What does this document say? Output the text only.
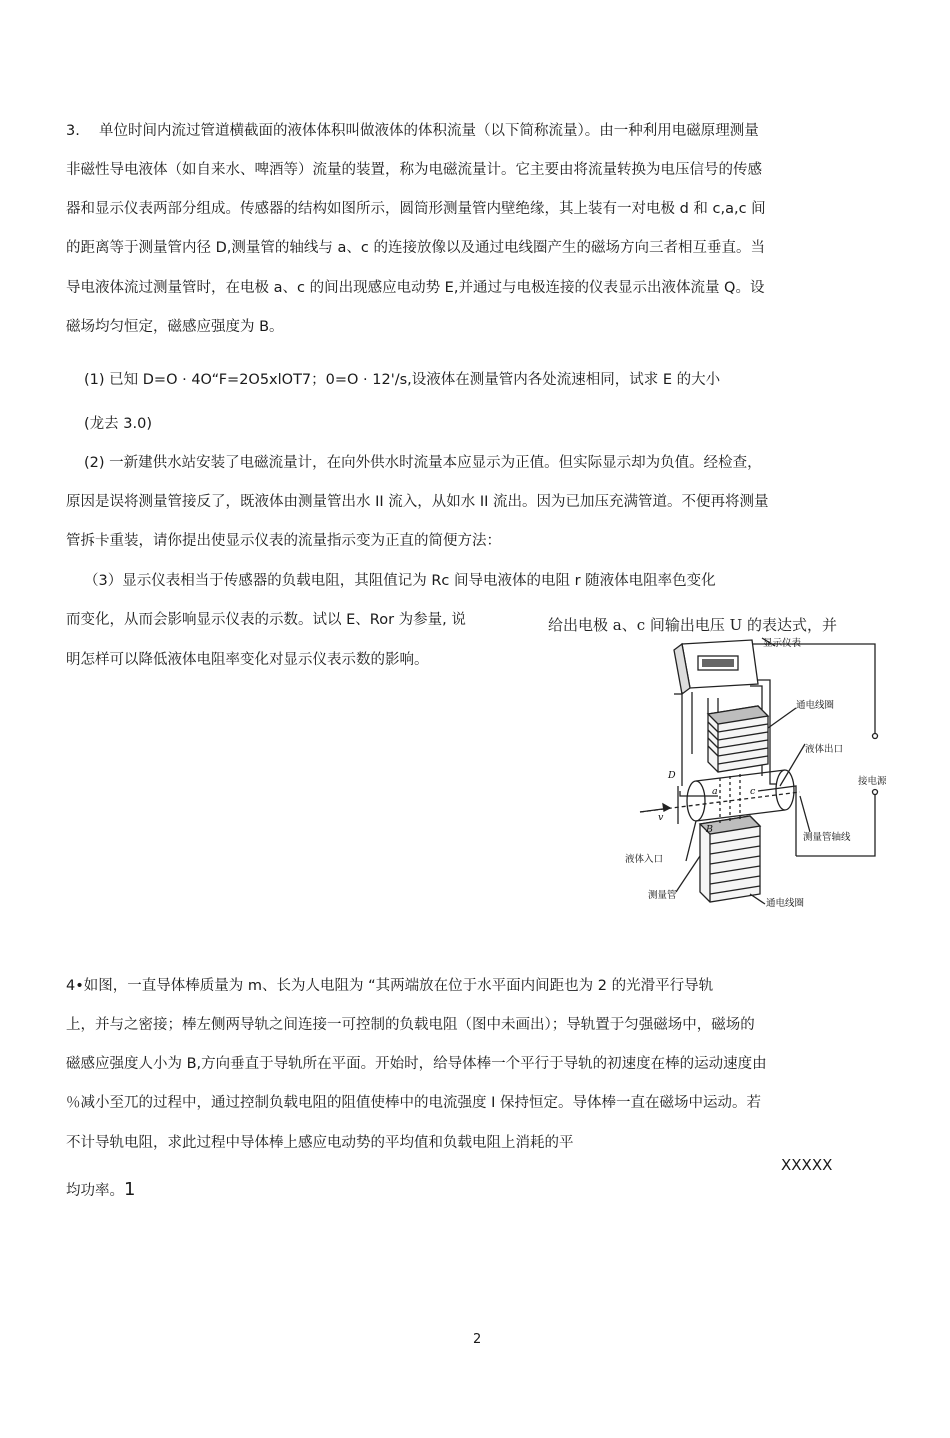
3.　 单位时间内流过管道横截面的液体体积叫做液体的体积流量（以下简称流量）。由一种利用电磁原理测量
非磁性导电液体（如自来水、啤酒等）流量的装置，称为电磁流量计。它主要由将流量转换为电压信号的传感
器和显示仪表两部分组成。传感器的结构如图所示，圆筒形测量管内壁绝缘，其上装有一对电极 d 和 c,a,c 间
的距离等于测量管内径 D,测量管的轴线与 a、c 的连接放像以及通过电线圈产生的磁场方向三者相互垂直。当
导电液体流过测量管时，在电极 a、c 的间出现感应电动势 E,并通过与电极连接的仪表显示出液体流量 Q。设
磁场均匀恒定，磁感应强度为 B。
(1) 已知 D=O · 4O“F=2O5xlOT7；0=O · 12'/s,设液体在测量管内各处流速相同，试求 E 的大小
(龙去 3.0)
(2) 一新建供水站安装了电磁流量计，在向外供水时流量本应显示为正值。但实际显示却为负值。经检查，
原因是误将测量管接反了，既液体由测量管出水 II 流入，从如水 II 流出。因为已加压充满管道。不便再将测量
管拆卡重装，请你提出使显示仪表的流量指示变为正直的简便方法：
（3）显示仪表相当于传感器的负载电阻，其阻值记为 Rc 间导电液体的电阻 r 随液体电阻率色变化
而变化，从而会影响显示仪表的示数。试以 E、Ror 为参量, 说
明怎样可以降低液体电阻率变化对显示仪表示数的影响。
给出电极 a、c 间输出电压 U 的表达式，并
显示仪表
通电线圈
液体出口
接电源
测量管轴线
液体入口
测量管
通电线圈
D
a	c
v
B
4•如图，一直导体棒质量为 m、长为人电阻为 “其两端放在位于水平面内间距也为 2 的光滑平行导轨
上，并与之密接；棒左侧两导轨之间连接一可控制的负载电阻（图中未画出）；导轨置于匀强磁场中，磁场的
磁感应强度人小为 B,方向垂直于导轨所在平面。开始时，给导体棒一个平行于导轨的初速度在棒的运动速度由
％减小至兀的过程中，通过控制负载电阻的阻值使棒中的电流强度 I 保持恒定。导体棒一直在磁场中运动。若
不计导轨电阻，求此过程中导体棒上感应电动势的平均值和负载电阻上消耗的平
XXXXX
均功率。1
2
